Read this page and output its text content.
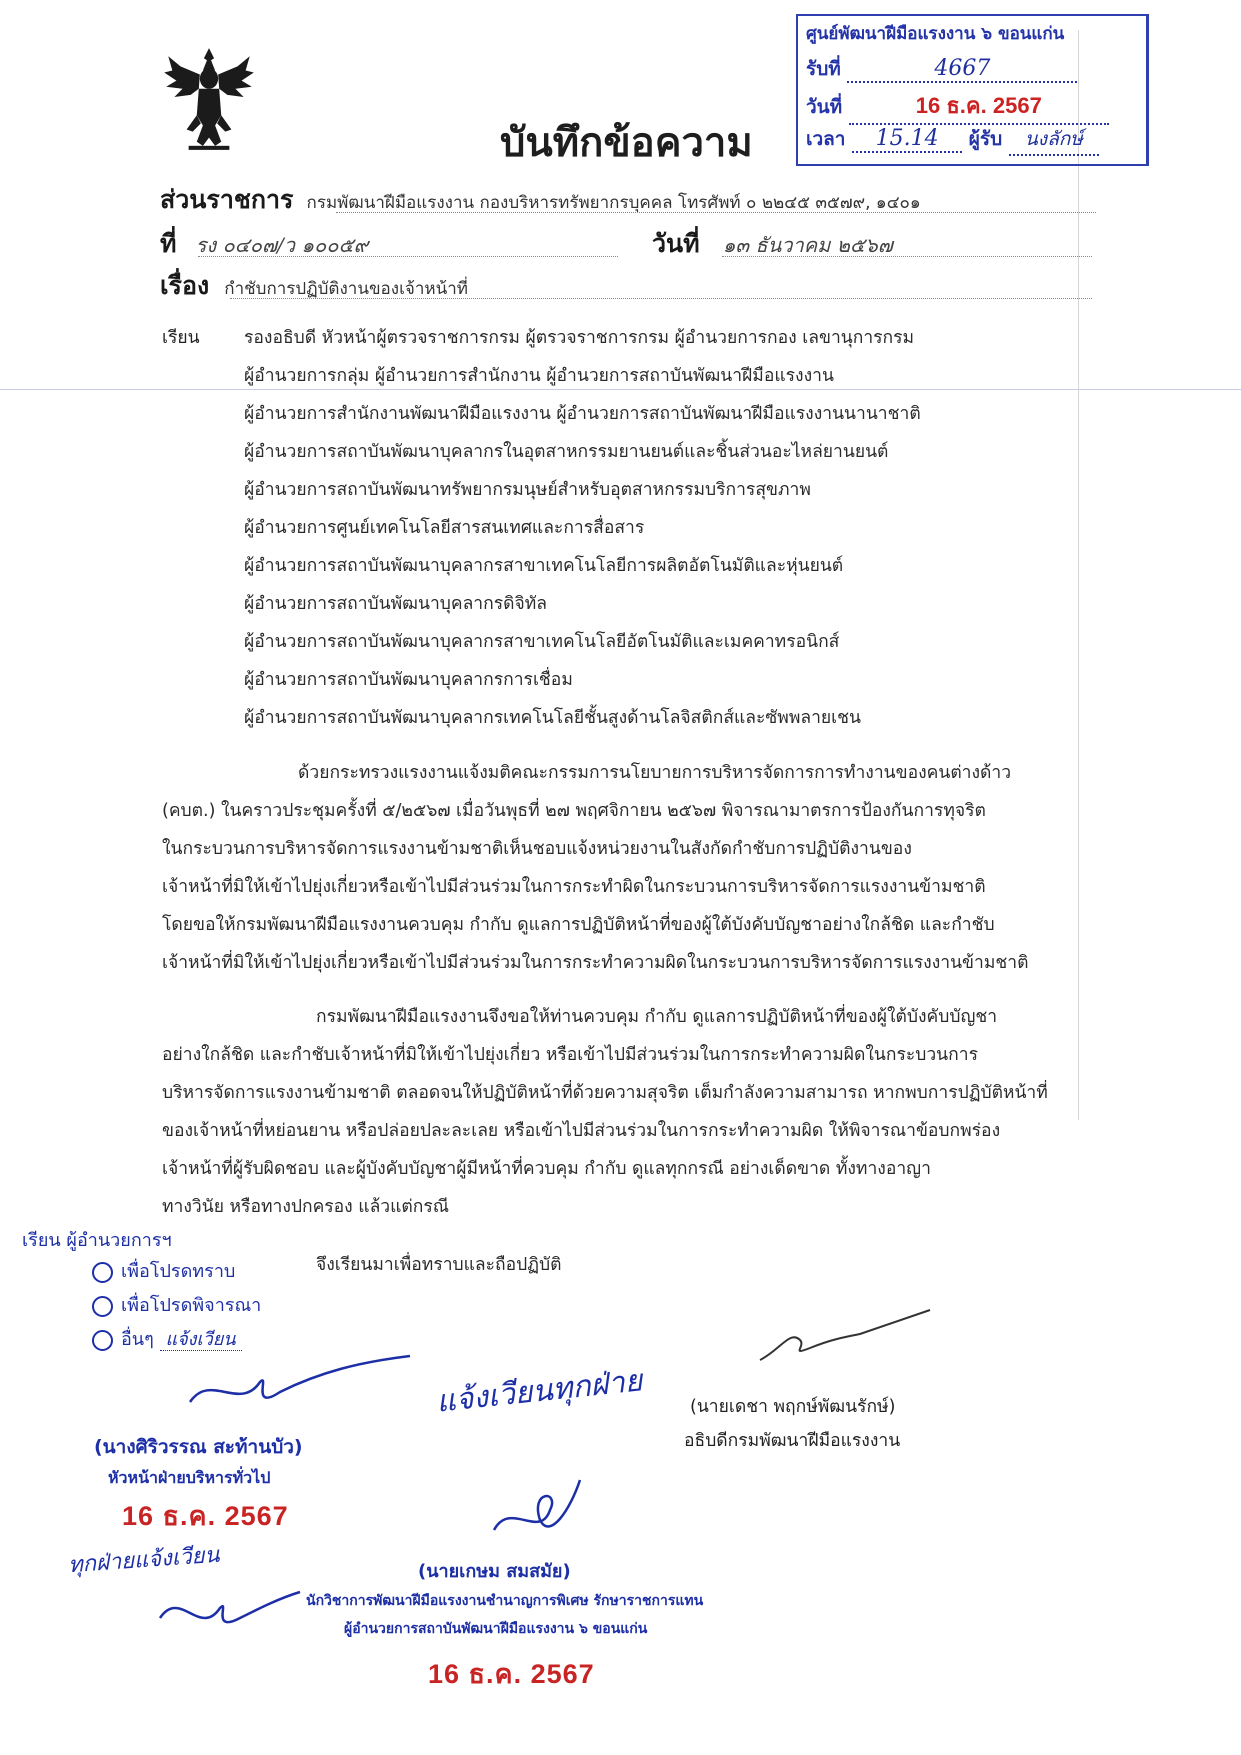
บันทึกข้อความ
ศูนย์พัฒนาฝีมือแรงงาน ๖ ขอนแก่น
รับที่	4667
วันที่	16 ธ.ค. 2567
เวลา 15.14 ผู้รับ นงลักษ์
ส่วนราชการ กรมพัฒนาฝีมือแรงงาน กองบริหารทรัพยากรบุคคล โทรศัพท์ ๐ ๒๒๔๕ ๓๕๗๙, ๑๔๐๑
ที่ รง ๐๔๐๗/ว ๑๐๐๕๙	วันที่ ๑๓ ธันวาคม ๒๕๖๗
เรื่อง กำชับการปฏิบัติงานของเจ้าหน้าที่
เรียน	รองอธิบดี หัวหน้าผู้ตรวจราชการกรม ผู้ตรวจราชการกรม ผู้อำนวยการกอง เลขานุการกรม
ผู้อำนวยการกลุ่ม ผู้อำนวยการสำนักงาน ผู้อำนวยการสถาบันพัฒนาฝีมือแรงงาน
ผู้อำนวยการสำนักงานพัฒนาฝีมือแรงงาน ผู้อำนวยการสถาบันพัฒนาฝีมือแรงงานนานาชาติ
ผู้อำนวยการสถาบันพัฒนาบุคลากรในอุตสาหกรรมยานยนต์และชิ้นส่วนอะไหล่ยานยนต์
ผู้อำนวยการสถาบันพัฒนาทรัพยากรมนุษย์สำหรับอุตสาหกรรมบริการสุขภาพ
ผู้อำนวยการศูนย์เทคโนโลยีสารสนเทศและการสื่อสาร
ผู้อำนวยการสถาบันพัฒนาบุคลากรสาขาเทคโนโลยีการผลิตอัตโนมัติและหุ่นยนต์
ผู้อำนวยการสถาบันพัฒนาบุคลากรดิจิทัล
ผู้อำนวยการสถาบันพัฒนาบุคลากรสาขาเทคโนโลยีอัตโนมัติและเมคคาทรอนิกส์
ผู้อำนวยการสถาบันพัฒนาบุคลากรการเชื่อม
ผู้อำนวยการสถาบันพัฒนาบุคลากรเทคโนโลยีชั้นสูงด้านโลจิสติกส์และซัพพลายเชน
ด้วยกระทรวงแรงงานแจ้งมติคณะกรรมการนโยบายการบริหารจัดการการทำงานของคนต่างด้าว
(คบต.) ในคราวประชุมครั้งที่ ๕/๒๕๖๗ เมื่อวันพุธที่ ๒๗ พฤศจิกายน ๒๕๖๗ พิจารณามาตรการป้องกันการทุจริต
ในกระบวนการบริหารจัดการแรงงานข้ามชาติเห็นชอบแจ้งหน่วยงานในสังกัดกำชับการปฏิบัติงานของ
เจ้าหน้าที่มิให้เข้าไปยุ่งเกี่ยวหรือเข้าไปมีส่วนร่วมในการกระทำผิดในกระบวนการบริหารจัดการแรงงานข้ามชาติ
โดยขอให้กรมพัฒนาฝีมือแรงงานควบคุม กำกับ ดูแลการปฏิบัติหน้าที่ของผู้ใต้บังคับบัญชาอย่างใกล้ชิด และกำชับ
เจ้าหน้าที่มิให้เข้าไปยุ่งเกี่ยวหรือเข้าไปมีส่วนร่วมในการกระทำความผิดในกระบวนการบริหารจัดการแรงงานข้ามชาติ
กรมพัฒนาฝีมือแรงงานจึงขอให้ท่านควบคุม กำกับ ดูแลการปฏิบัติหน้าที่ของผู้ใต้บังคับบัญชา
อย่างใกล้ชิด และกำชับเจ้าหน้าที่มิให้เข้าไปยุ่งเกี่ยว หรือเข้าไปมีส่วนร่วมในการกระทำความผิดในกระบวนการ
บริหารจัดการแรงงานข้ามชาติ ตลอดจนให้ปฏิบัติหน้าที่ด้วยความสุจริต เต็มกำลังความสามารถ หากพบการปฏิบัติหน้าที่
ของเจ้าหน้าที่หย่อนยาน หรือปล่อยปละละเลย หรือเข้าไปมีส่วนร่วมในการกระทำความผิด ให้พิจารณาข้อบกพร่อง
เจ้าหน้าที่ผู้รับผิดชอบ และผู้บังคับบัญชาผู้มีหน้าที่ควบคุม กำกับ ดูแลทุกกรณี อย่างเด็ดขาด ทั้งทางอาญา
ทางวินัย หรือทางปกครอง แล้วแต่กรณี
จึงเรียนมาเพื่อทราบและถือปฏิบัติ
(นายเดชา พฤกษ์พัฒนรักษ์)
อธิบดีกรมพัฒนาฝีมือแรงงาน
เรียน ผู้อำนวยการฯ
เพื่อโปรดทราบ
เพื่อโปรดพิจารณา
อื่นๆ แจ้งเวียน
(นางศิริวรรณ สะท้านบัว)
หัวหน้าฝ่ายบริหารทั่วไป
16 ธ.ค. 2567
ทุกฝ่ายแจ้งเวียน
แจ้งเวียนทุกฝ่าย
(นายเกษม สมสมัย)
นักวิชาการพัฒนาฝีมือแรงงานชำนาญการพิเศษ รักษาราชการแทน
ผู้อำนวยการสถาบันพัฒนาฝีมือแรงงาน ๖ ขอนแก่น
16 ธ.ค. 2567
